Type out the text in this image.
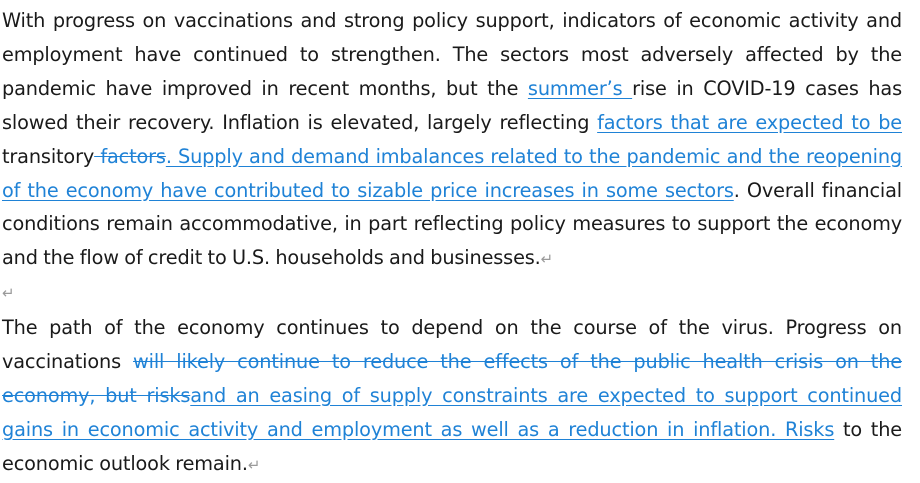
With progress on vaccinations and strong policy support, indicators of economic activity and employment have continued to strengthen. The sectors most adversely affected by the pandemic have improved in recent months, but the summer’s rise in COVID-19 cases has slowed their recovery. Inflation is elevated, largely reflecting factors that are expected to be transitory factors. Supply and demand imbalances related to the pandemic and the reopening of the economy have contributed to sizable price increases in some sectors. Overall financial conditions remain accommodative, in part reflecting policy measures to support the economy and the flow of credit to U.S. households and businesses.↵

↵

The path of the economy continues to depend on the course of the virus. Progress on vaccinations will likely continue to reduce the effects of the public health crisis on the economy, but risksand an easing of supply constraints are expected to support continued gains in economic activity and employment as well as a reduction in inflation. Risks to the economic outlook remain.↵
